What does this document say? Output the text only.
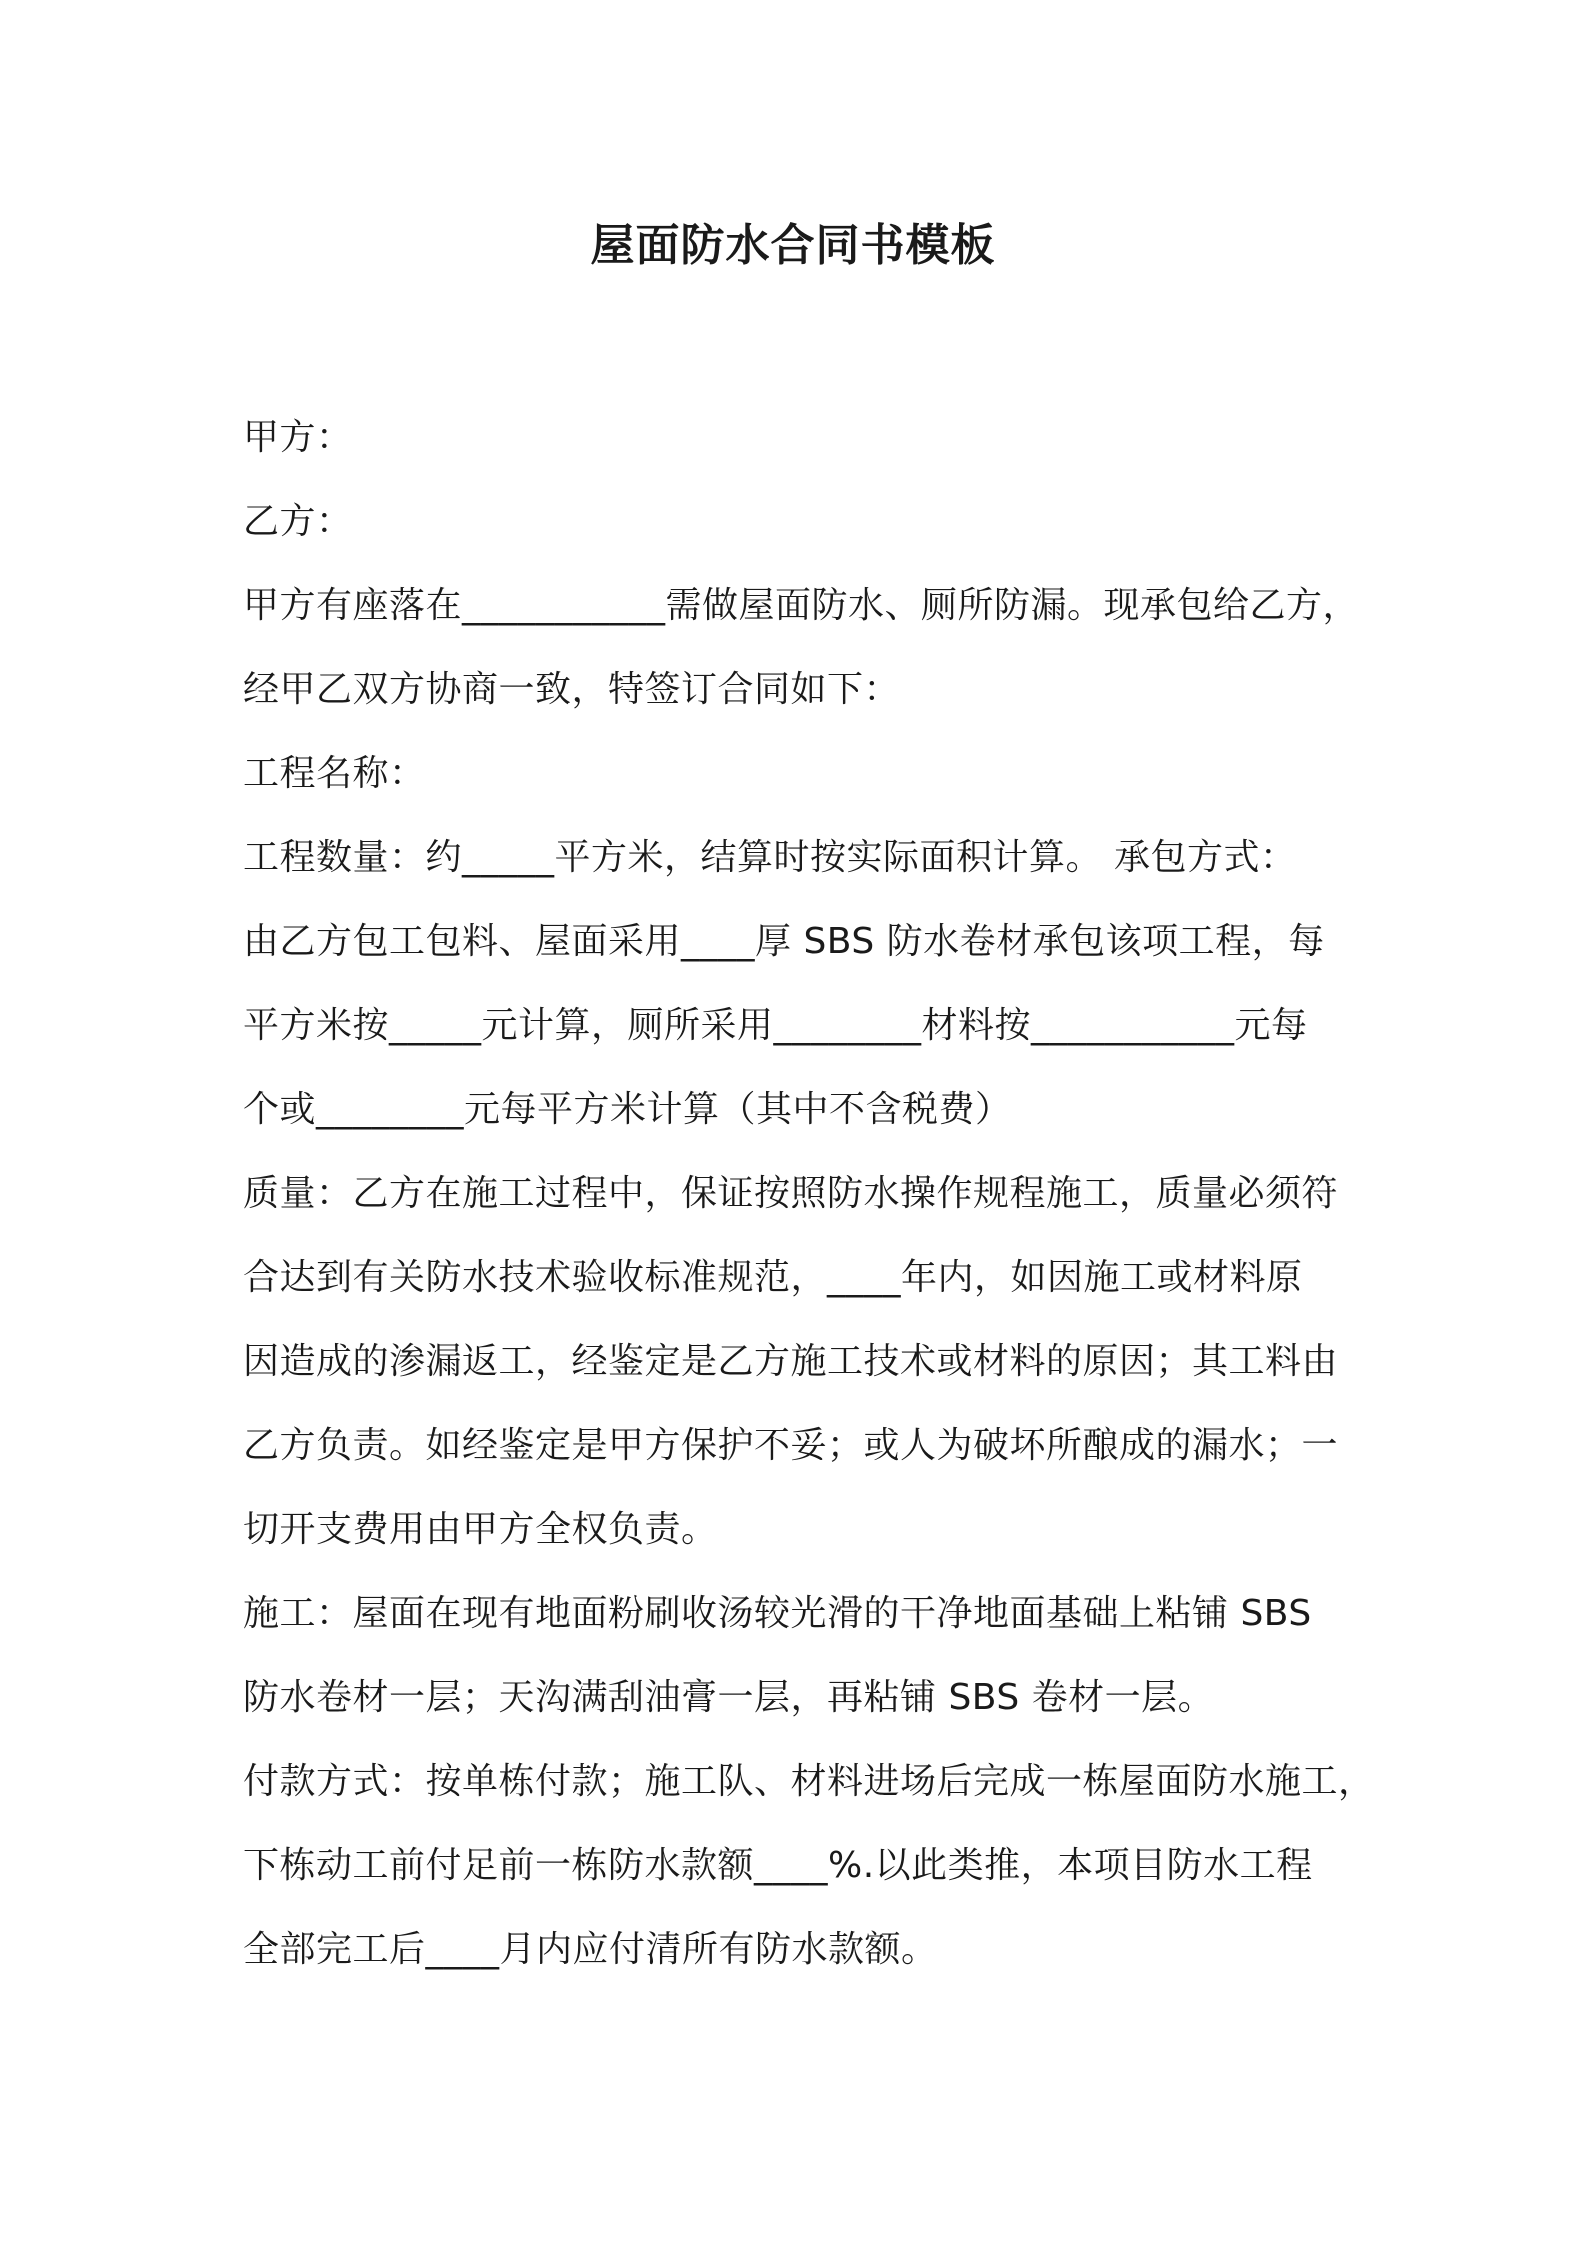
屋面防水合同书模板

甲方：

乙方：

甲方有座落在___________需做屋面防水、厕所防漏。现承包给乙方，

经甲乙双方协商一致，特签订合同如下：

工程名称：

工程数量：约_____平方米，结算时按实际面积计算。 承包方式：

由乙方包工包料、屋面采用____厚 SBS 防水卷材承包该项工程，每

平方米按_____元计算，厕所采用________材料按___________元每

个或________元每平方米计算（其中不含税费）

质量：乙方在施工过程中，保证按照防水操作规程施工，质量必须符

合达到有关防水技术验收标准规范，____年内，如因施工或材料原

因造成的渗漏返工，经鉴定是乙方施工技术或材料的原因；其工料由

乙方负责。如经鉴定是甲方保护不妥；或人为破坏所酿成的漏水；一

切开支费用由甲方全权负责。

施工：屋面在现有地面粉刷收汤较光滑的干净地面基础上粘铺 SBS

防水卷材一层；天沟满刮油膏一层，再粘铺 SBS 卷材一层。

付款方式：按单栋付款；施工队、材料进场后完成一栋屋面防水施工，

下栋动工前付足前一栋防水款额____%.以此类推，本项目防水工程

全部完工后____月内应付清所有防水款额。
